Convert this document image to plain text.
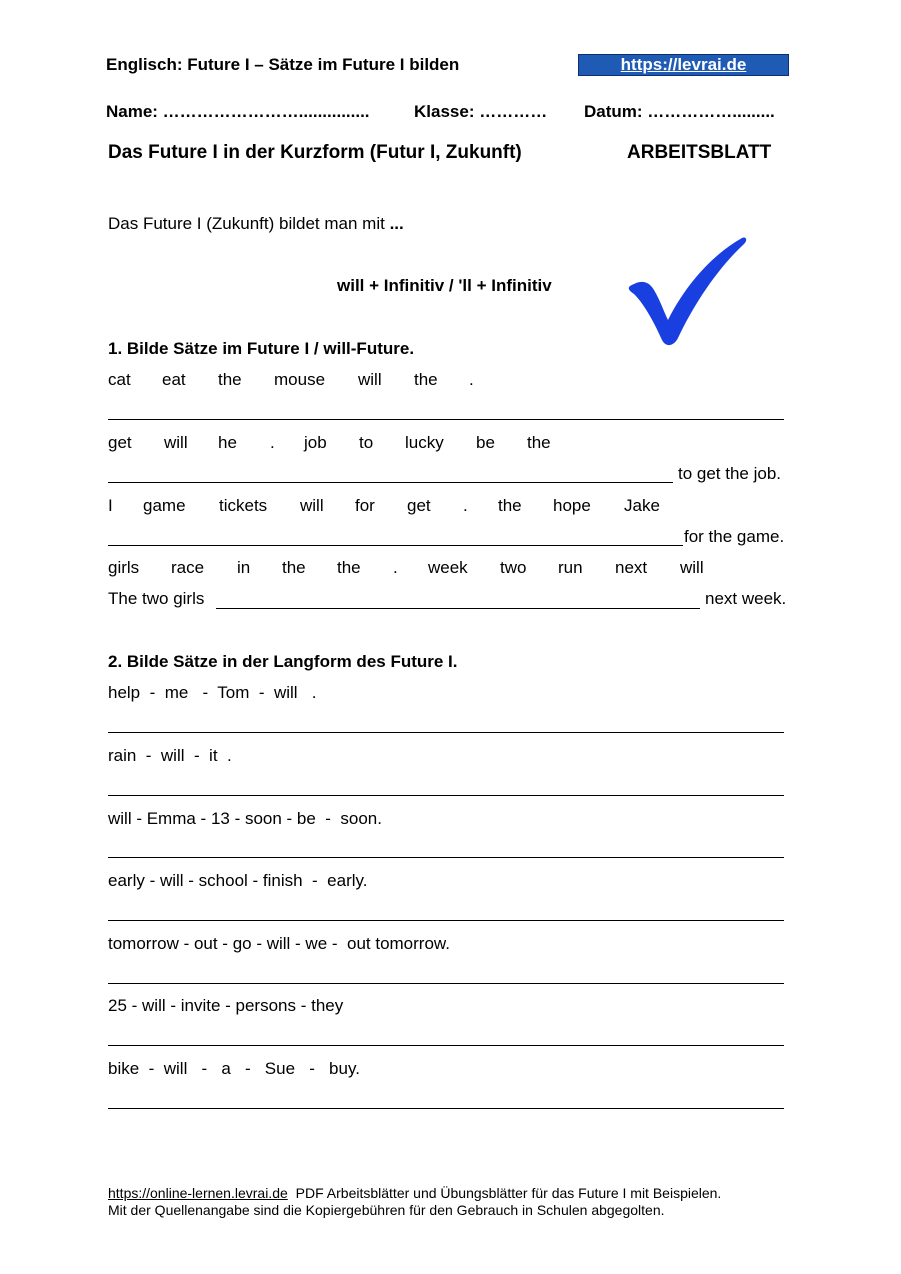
Englisch: Future I – Sätze im Future I bilden	https://levrai.de
Name: ……………………...............	Klasse: ………… Datum: …………….........
Das Future I in der Kurzform (Futur I, Zukunft)	ARBEITSBLATT
Das Future I (Zukunft) bildet man mit ...
will + Infinitiv / 'll + Infinitiv
1. Bilde Sätze im Future I / will-Future.
cat eat the mouse will the .
get will he . job to lucky be the
to get the job.
I game tickets will for get . the hope Jake
for the game.
girls race in the the . week two run next will
The two girls	next week.
2. Bilde Sätze in der Langform des Future I.
help  -  me   -  Tom  -  will   .
rain  -  will  -  it  .
will - Emma - 13 - soon - be  -  soon.
early - will - school - finish  -  early.
tomorrow - out - go - will - we -  out tomorrow.
25 - will - invite - persons - they
bike  -  will   -   a   -   Sue   -   buy.
https://online-lernen.levrai.de PDF Arbeitsblätter und Übungsblätter für das Future I mit Beispielen.
Mit der Quellenangabe sind die Kopiergebühren für den Gebrauch in Schulen abgegolten.
